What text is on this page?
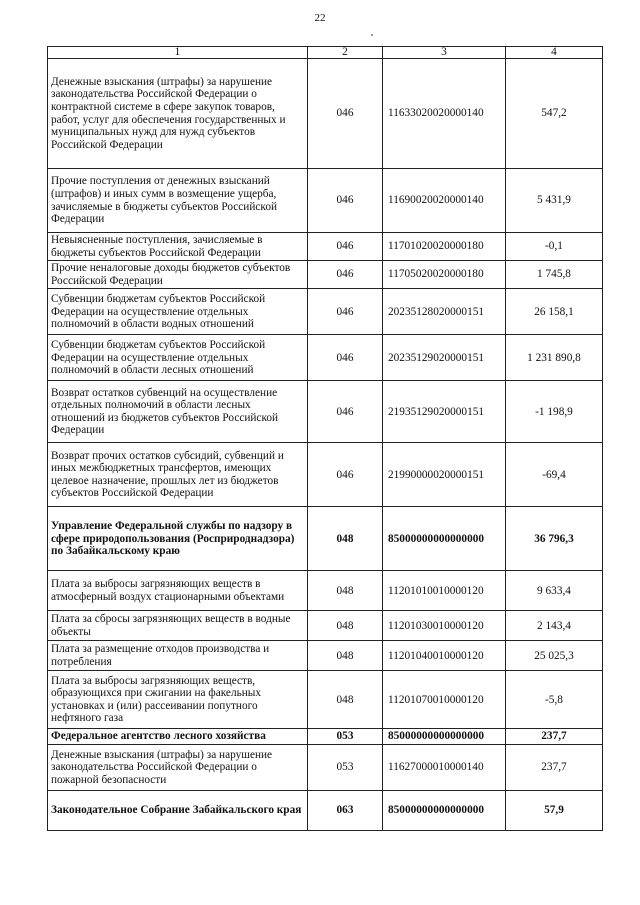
22
1	2	3	4
Денежные взыскания (штрафы) за нарушение законодательства Российской Федерации о контрактной системе в сфере закупок товаров, работ, услуг для обеспечения государственных и муниципальных нужд для нужд субъектов Российской Федерации	046	11633020020000140	547,2
Прочие поступления от денежных взысканий (штрафов) и иных сумм в возмещение ущерба, зачисляемые в бюджеты субъектов Российской Федерации	046	11690020020000140	5 431,9
Невыясненные поступления, зачисляемые в бюджеты субъектов Российской Федерации	046	11701020020000180	-0,1
Прочие неналоговые доходы бюджетов субъектов Российской Федерации	046	11705020020000180	1 745,8
Субвенции бюджетам субъектов Российской Федерации на осуществление отдельных полномочий в области водных отношений	046	20235128020000151	26 158,1
Субвенции бюджетам субъектов Российской Федерации на осуществление отдельных полномочий в области лесных отношений	046	20235129020000151	1 231 890,8
Возврат остатков субвенций на осуществление отдельных полномочий в области лесных отношений из бюджетов субъектов Российской Федерации	046	21935129020000151	-1 198,9
Возврат прочих остатков субсидий, субвенций и иных межбюджетных трансфертов, имеющих целевое назначение, прошлых лет из бюджетов субъектов Российской Федерации	046	21990000020000151	-69,4
Управление Федеральной службы по надзору в сфере природопользования (Росприроднадзора) по Забайкальскому краю	048	85000000000000000	36 796,3
Плата за выбросы загрязняющих веществ в атмосферный воздух стационарными объектами	048	11201010010000120	9 633,4
Плата за сбросы загрязняющих веществ в водные объекты	048	11201030010000120	2 143,4
Плата за размещение отходов производства и потребления	048	11201040010000120	25 025,3
Плата за выбросы загрязняющих веществ, образующихся при сжигании на факельных установках и (или) рассеивании попутного нефтяного газа	048	11201070010000120	-5,8
Федеральное агентство лесного хозяйства	053	85000000000000000	237,7
Денежные взыскания (штрафы) за нарушение законодательства Российской Федерации о пожарной безопасности	053	11627000010000140	237,7
Законодательное Собрание Забайкальского края	063	85000000000000000	57,9
